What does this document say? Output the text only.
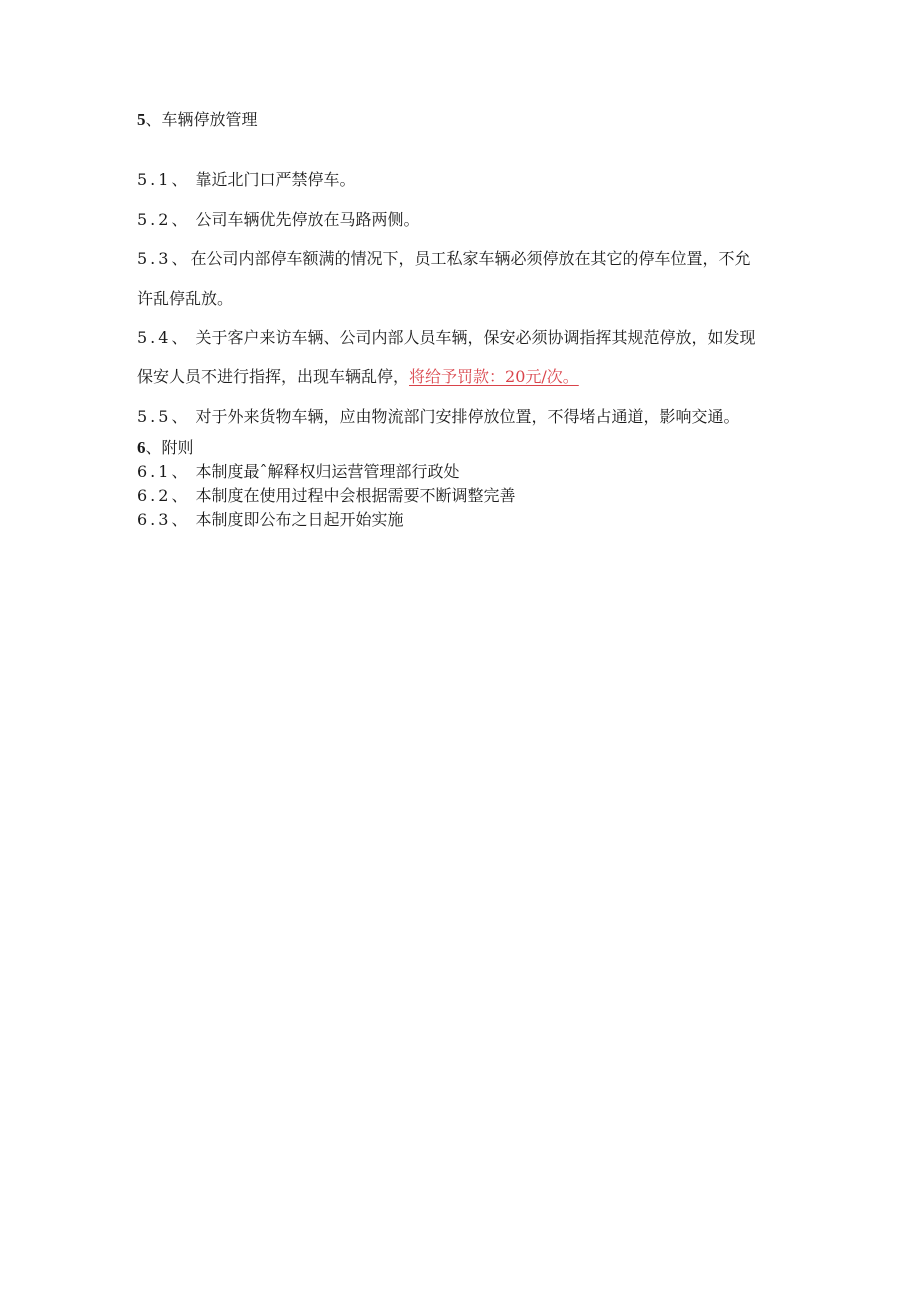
5、车辆停放管理
5.1、 靠近北门口严禁停车。
5.2、 公司车辆优先停放在马路两侧。
5.3、在公司内部停车额满的情况下，员工私家车辆必须停放在其它的停车位置，不允
许乱停乱放。
5.4、 关于客户来访车辆、公司内部人员车辆，保安必须协调指挥其规范停放，如发现
保安人员不进行指挥，出现车辆乱停，将给予罚款：20元/次。
5.5、 对于外来货物车辆，应由物流部门安排停放位置，不得堵占通道，影响交通。
6、附则
6.1、 本制度最ˆ解释权归运营管理部行政处
6.2、 本制度在使用过程中会根据需要不断调整完善
6.3、 本制度即公布之日起开始实施
